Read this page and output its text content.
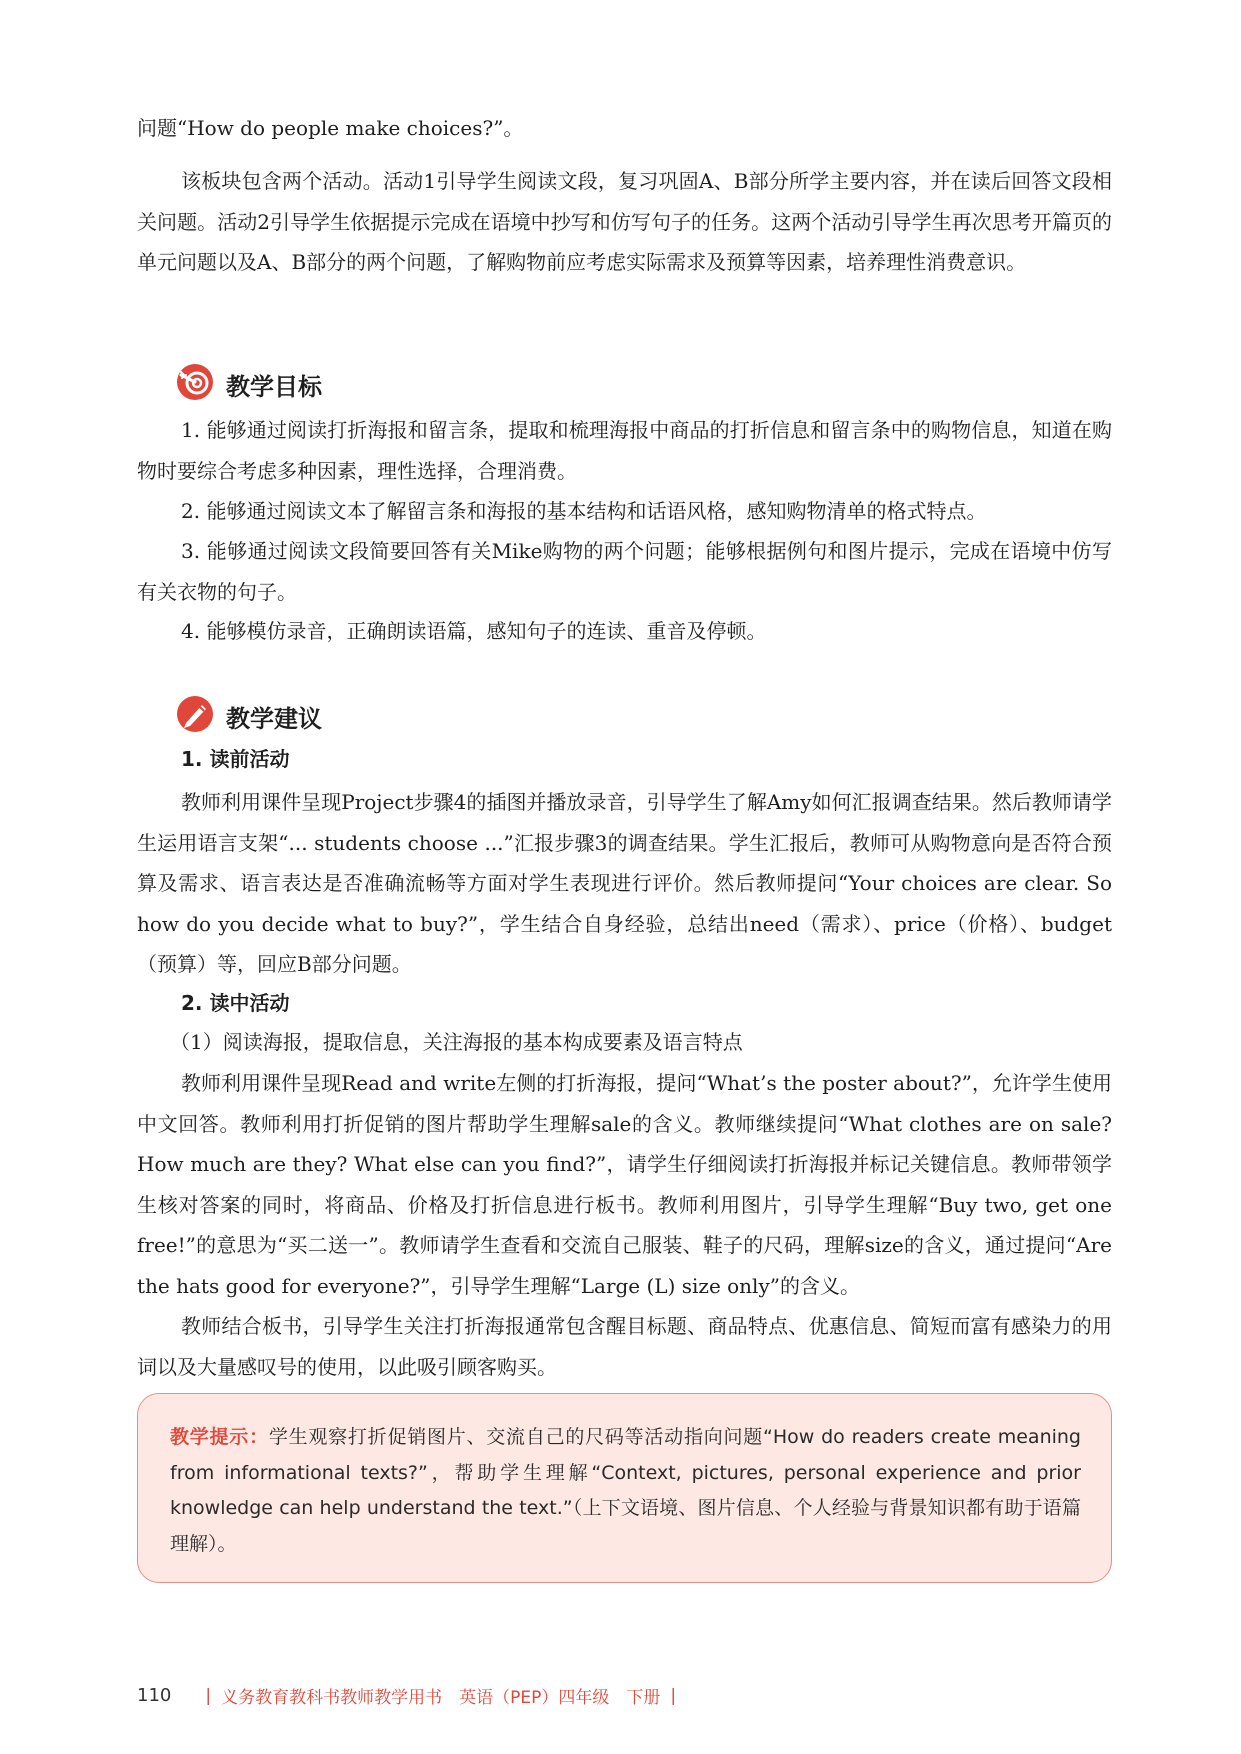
问题“How do people make choices?”。

该板块包含两个活动。活动1引导学生阅读文段，复习巩固A、B部分所学主要内容，并在读后回答文段相关问题。活动2引导学生依据提示完成在语境中抄写和仿写句子的任务。这两个活动引导学生再次思考开篇页的单元问题以及A、B部分的两个问题，了解购物前应考虑实际需求及预算等因素，培养理性消费意识。

教学目标

1. 能够通过阅读打折海报和留言条，提取和梳理海报中商品的打折信息和留言条中的购物信息，知道在购物时要综合考虑多种因素，理性选择，合理消费。

2. 能够通过阅读文本了解留言条和海报的基本结构和话语风格，感知购物清单的格式特点。

3. 能够通过阅读文段简要回答有关Mike购物的两个问题；能够根据例句和图片提示，完成在语境中仿写有关衣物的句子。

4. 能够模仿录音，正确朗读语篇，感知句子的连读、重音及停顿。

教学建议
1. 读前活动

教师利用课件呈现Project步骤4的插图并播放录音，引导学生了解Amy如何汇报调查结果。然后教师请学生运用语言支架“... students choose ...”汇报步骤3的调查结果。学生汇报后，教师可从购物意向是否符合预算及需求、语言表达是否准确流畅等方面对学生表现进行评价。然后教师提问“Your choices are clear. So how do you decide what to buy?”，学生结合自身经验，总结出need（需求）、price（价格）、budget（预算）等，回应B部分问题。

2. 读中活动

（1）阅读海报，提取信息，关注海报的基本构成要素及语言特点

教师利用课件呈现Read and write左侧的打折海报，提问“What’s the poster about?”，允许学生使用中文回答。教师利用打折促销的图片帮助学生理解sale的含义。教师继续提问“What clothes are on sale? How much are they? What else can you find?”，请学生仔细阅读打折海报并标记关键信息。教师带领学生核对答案的同时，将商品、价格及打折信息进行板书。教师利用图片，引导学生理解“Buy two, get one free!”的意思为“买二送一”。教师请学生查看和交流自己服装、鞋子的尺码，理解size的含义，通过提问“Are the hats good for everyone?”，引导学生理解“Large (L) size only”的含义。

教师结合板书，引导学生关注打折海报通常包含醒目标题、商品特点、优惠信息、简短而富有感染力的用词以及大量感叹号的使用，以此吸引顾客购买。

教学提示：学生观察打折促销图片、交流自己的尺码等活动指向问题“How do readers create meaning from informational texts?”，帮助学生理解“Context, pictures, personal experience and prior knowledge can help understand the text.”（上下文语境、图片信息、个人经验与背景知识都有助于语篇理解）。

110 | 义务教育教科书教师教学用书　英语（PEP）四年级　下册 |
